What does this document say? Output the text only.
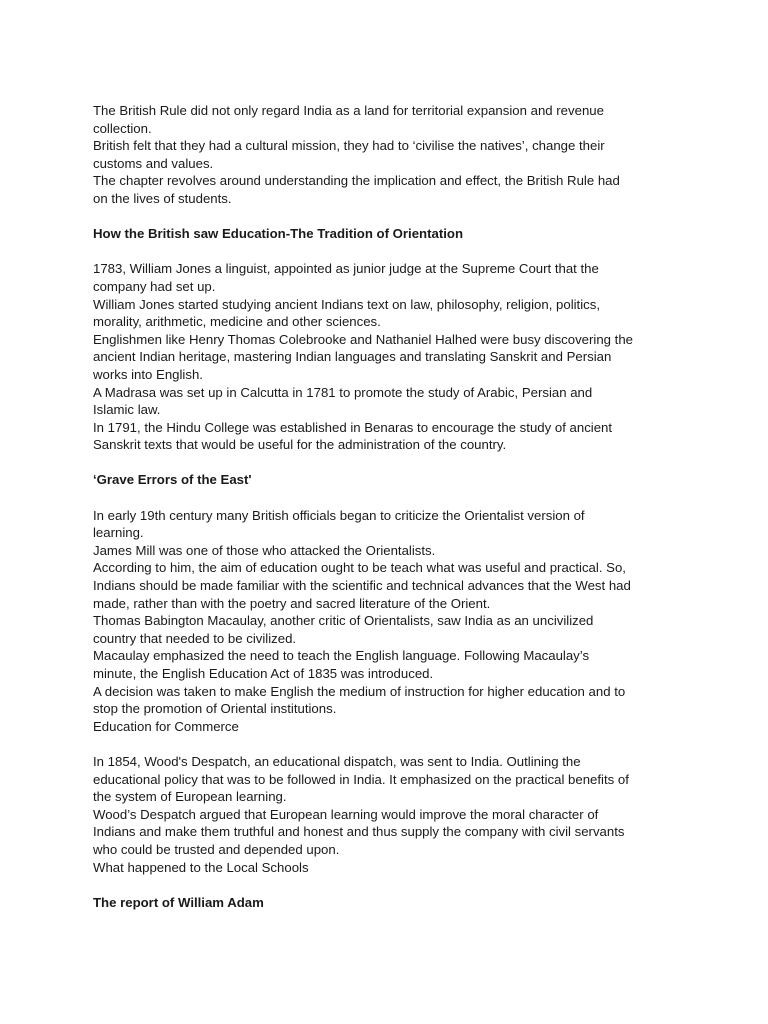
The British Rule did not only regard India as a land for territorial expansion and revenue
collection.
British felt that they had a cultural mission, they had to ‘civilise the natives’, change their
customs and values.
The chapter revolves around understanding the implication and effect, the British Rule had
on the lives of students.
How the British saw Education-The Tradition of Orientation
1783, William Jones a linguist, appointed as junior judge at the Supreme Court that the
company had set up.
William Jones started studying ancient Indians text on law, philosophy, religion, politics,
morality, arithmetic, medicine and other sciences.
Englishmen like Henry Thomas Colebrooke and Nathaniel Halhed were busy discovering the
ancient Indian heritage, mastering Indian languages and translating Sanskrit and Persian
works into English.
A Madrasa was set up in Calcutta in 1781 to promote the study of Arabic, Persian and
Islamic law.
In 1791, the Hindu College was established in Benaras to encourage the study of ancient
Sanskrit texts that would be useful for the administration of the country.
‘Grave Errors of the East'
In early 19th century many British officials began to criticize the Orientalist version of
learning.
James Mill was one of those who attacked the Orientalists.
According to him, the aim of education ought to be teach what was useful and practical. So,
Indians should be made familiar with the scientific and technical advances that the West had
made, rather than with the poetry and sacred literature of the Orient.
Thomas Babington Macaulay, another critic of Orientalists, saw India as an uncivilized
country that needed to be civilized.
Macaulay emphasized the need to teach the English language. Following Macaulay’s
minute, the English Education Act of 1835 was introduced.
A decision was taken to make English the medium of instruction for higher education and to
stop the promotion of Oriental institutions.
Education for Commerce
In 1854, Wood's Despatch, an educational dispatch, was sent to India. Outlining the
educational policy that was to be followed in India. It emphasized on the practical benefits of
the system of European learning.
Wood’s Despatch argued that European learning would improve the moral character of
Indians and make them truthful and honest and thus supply the company with civil servants
who could be trusted and depended upon.
What happened to the Local Schools
The report of William Adam
